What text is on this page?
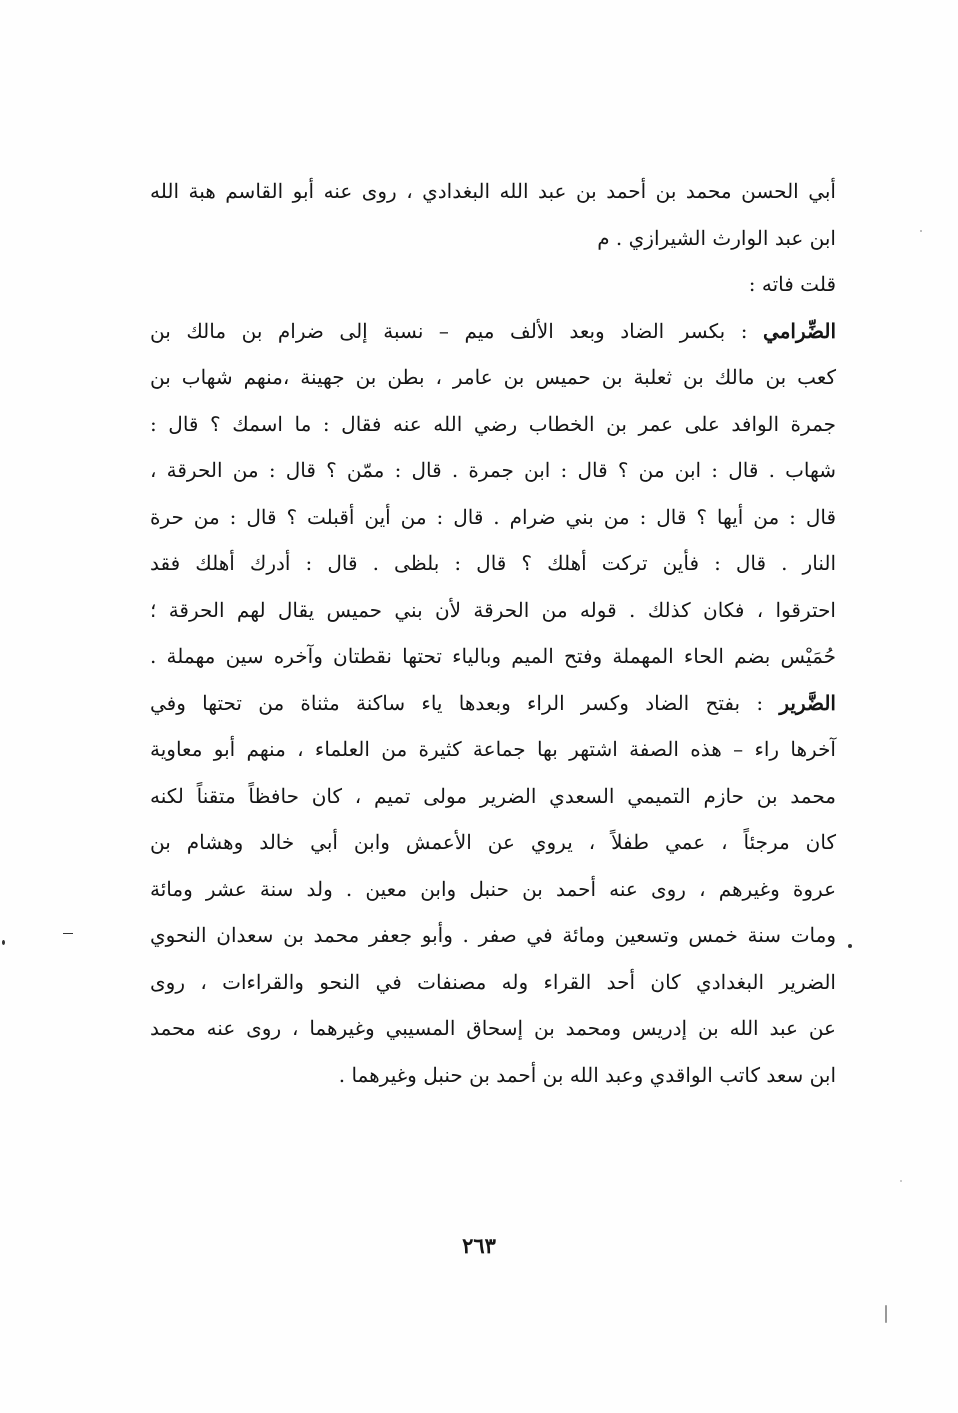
أبي الحسن محمد بن أحمد بن عبد الله البغدادي ، روى عنه أبو القاسم هبة الله
ابن عبد الوارث الشيرازي . م
قلت فاته :
الضِّرامي : بكسر الضاد وبعد الألف ميم – نسبة إلى ضرام بن مالك بن
كعب بن مالك بن ثعلبة بن حميس بن عامر ، بطن بن جهينة ،منهم شهاب بن
جمرة الوافد على عمر بن الخطاب رضي الله عنه فقال : ما اسمك ؟ قال :
شهاب . قال : ابن من ؟ قال : ابن جمرة . قال : ممّن ؟ قال : من الحرقة ،
قال : من أيها ؟ قال : من بني ضرام . قال : من أين أقبلت ؟ قال : من حرة
النار . قال : فأين تركت أهلك ؟ قال : بلظى . قال : أدرك أهلك فقد
احترقوا ، فكان كذلك . قوله من الحرقة لأن بني حميس يقال لهم الحرقة ؛
حُمَيْس بضم الحاء المهملة وفتح الميم وبالياء تحتها نقطتان وآخره سين مهملة .
الضَّرير : بفتح الضاد وكسر الراء وبعدها ياء ساكنة مثناة من تحتها وفي
آخرها راء – هذه الصفة اشتهر بها جماعة كثيرة من العلماء ، منهم أبو معاوية
محمد بن حازم التميمي السعدي الضرير مولى تميم ، كان حافظاً متقناً لكنه
كان مرجئاً ، عمي طفلاً ، يروي عن الأعمش وابن أبي خالد وهشام بن
عروة وغيرهم ، روى عنه أحمد بن حنبل وابن معين . ولد سنة عشر ومائة
ومات سنة خمس وتسعين ومائة في صفر . وأبو جعفر محمد بن سعدان النحوي
الضرير البغدادي كان أحد القراء وله مصنفات في النحو والقراءات ، روى
عن عبد الله بن إدريس ومحمد بن إسحاق المسيبي وغيرهما ، روى عنه محمد
ابن سعد كاتب الواقدي وعبد الله بن أحمد بن حنبل وغيرهما .
٢٦٣
